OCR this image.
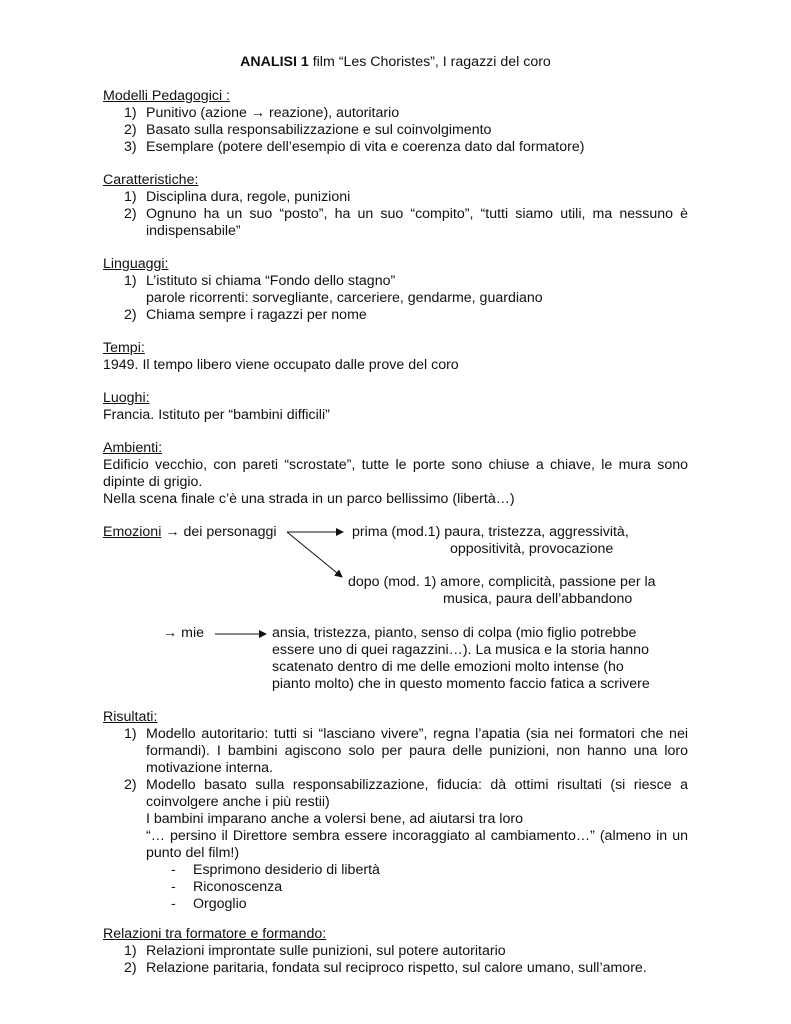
ANALISI 1 film “Les Choristes”, I ragazzi del coro
Modelli Pedagogici :
1) Punitivo (azione → reazione), autoritario
2) Basato sulla responsabilizzazione e sul coinvolgimento
3) Esemplare (potere dell’esempio di vita e coerenza dato dal formatore)
Caratteristiche:
1) Disciplina dura, regole, punizioni
2) Ognuno ha un suo “posto”, ha un suo “compito”, “tutti siamo utili, ma nessuno è indispensabile”
Linguaggi:
1) L’istituto si chiama “Fondo dello stagno”
parole ricorrenti: sorvegliante, carceriere, gendarme, guardiano
2) Chiama sempre i ragazzi per nome
Tempi:
1949. Il tempo libero viene occupato dalle prove del coro
Luoghi:
Francia. Istituto per “bambini difficili”
Ambienti:
Edificio vecchio, con pareti “scrostate”, tutte le porte sono chiuse a chiave, le mura sono dipinte di grigio.
Nella scena finale c’è una strada in un parco bellissimo (libertà…)
Emozioni → dei personaggi	prima (mod.1) paura, tristezza, aggressività,
oppositività, provocazione
dopo (mod. 1) amore, complicità, passione per la
musica, paura dell’abbandono
→ mie	ansia, tristezza, pianto, senso di colpa (mio figlio potrebbe essere uno di quei ragazzini…). La musica e la storia hanno scatenato dentro di me delle emozioni molto intense (ho pianto molto) che in questo momento faccio fatica a scrivere
Risultati:
1) Modello autoritario: tutti si “lasciano vivere”, regna l’apatia (sia nei formatori che nei formandi). I bambini agiscono solo per paura delle punizioni, non hanno una loro motivazione interna.
2) Modello basato sulla responsabilizzazione, fiducia: dà ottimi risultati (si riesce a coinvolgere anche i più restii)
I bambini imparano anche a volersi bene, ad aiutarsi tra loro
“… persino il Direttore sembra essere incoraggiato al cambiamento…” (almeno in un punto del film!)
- Esprimono desiderio di libertà
- Riconoscenza
- Orgoglio
Relazioni tra formatore e formando:
1) Relazioni improntate sulle punizioni, sul potere autoritario
2) Relazione paritaria, fondata sul reciproco rispetto, sul calore umano, sull’amore.
